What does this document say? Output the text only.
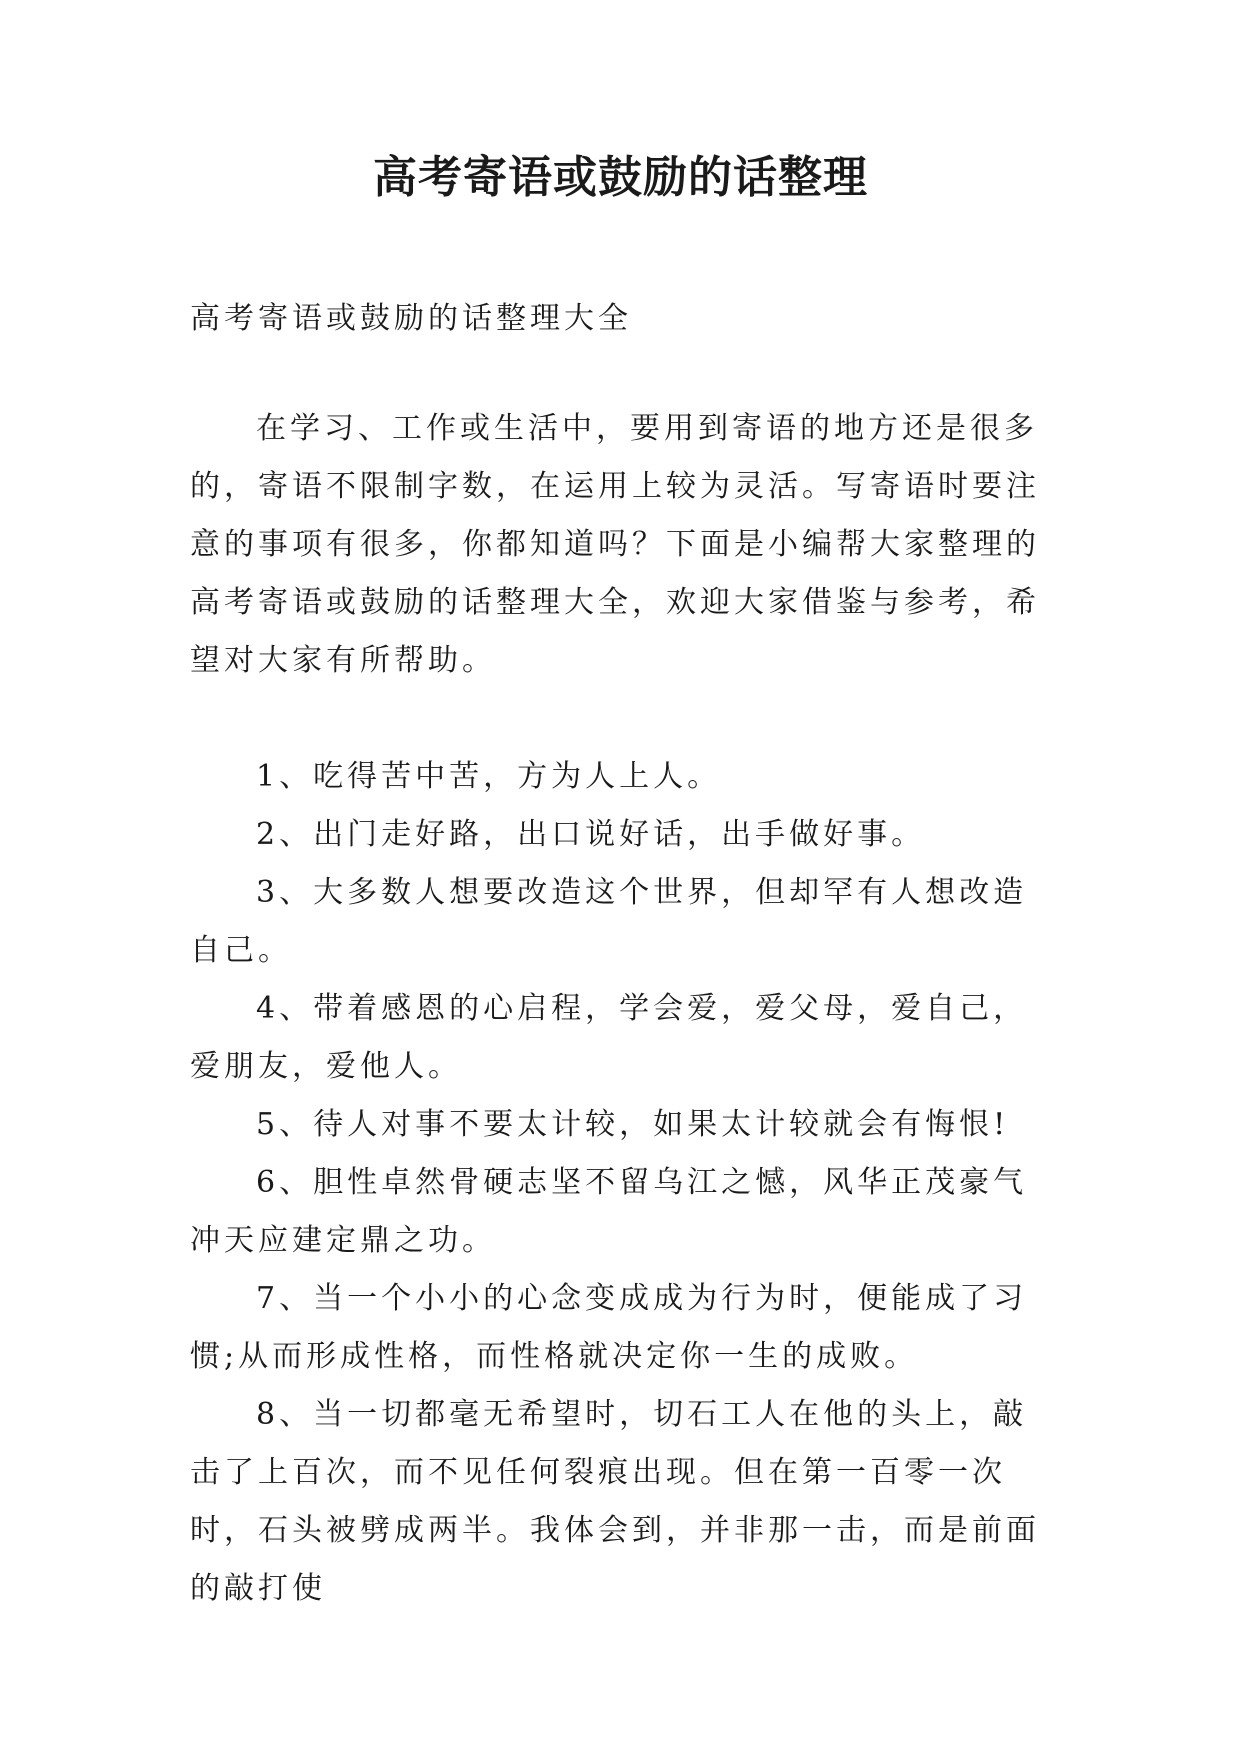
高考寄语或鼓励的话整理
高考寄语或鼓励的话整理大全
在学习、工作或生活中，要用到寄语的地方还是很多的，寄语不限制字数，在运用上较为灵活。写寄语时要注意的事项有很多，你都知道吗？下面是小编帮大家整理的高考寄语或鼓励的话整理大全，欢迎大家借鉴与参考，希望对大家有所帮助。

1、吃得苦中苦，方为人上人。

2、出门走好路，出口说好话，出手做好事。

3、大多数人想要改造这个世界，但却罕有人想改造自己。

4、带着感恩的心启程，学会爱，爱父母，爱自己，爱朋友，爱他人。

5、待人对事不要太计较，如果太计较就会有悔恨!

6、胆性卓然骨硬志坚不留乌江之憾，风华正茂豪气冲天应建定鼎之功。

7、当一个小小的心念变成成为行为时，便能成了习惯;从而形成性格，而性格就决定你一生的成败。

8、当一切都毫无希望时，切石工人在他的头上，敲击了上百次，而不见任何裂痕出现。但在第一百零一次时，石头被劈成两半。我体会到，并非那一击，而是前面的敲打使
